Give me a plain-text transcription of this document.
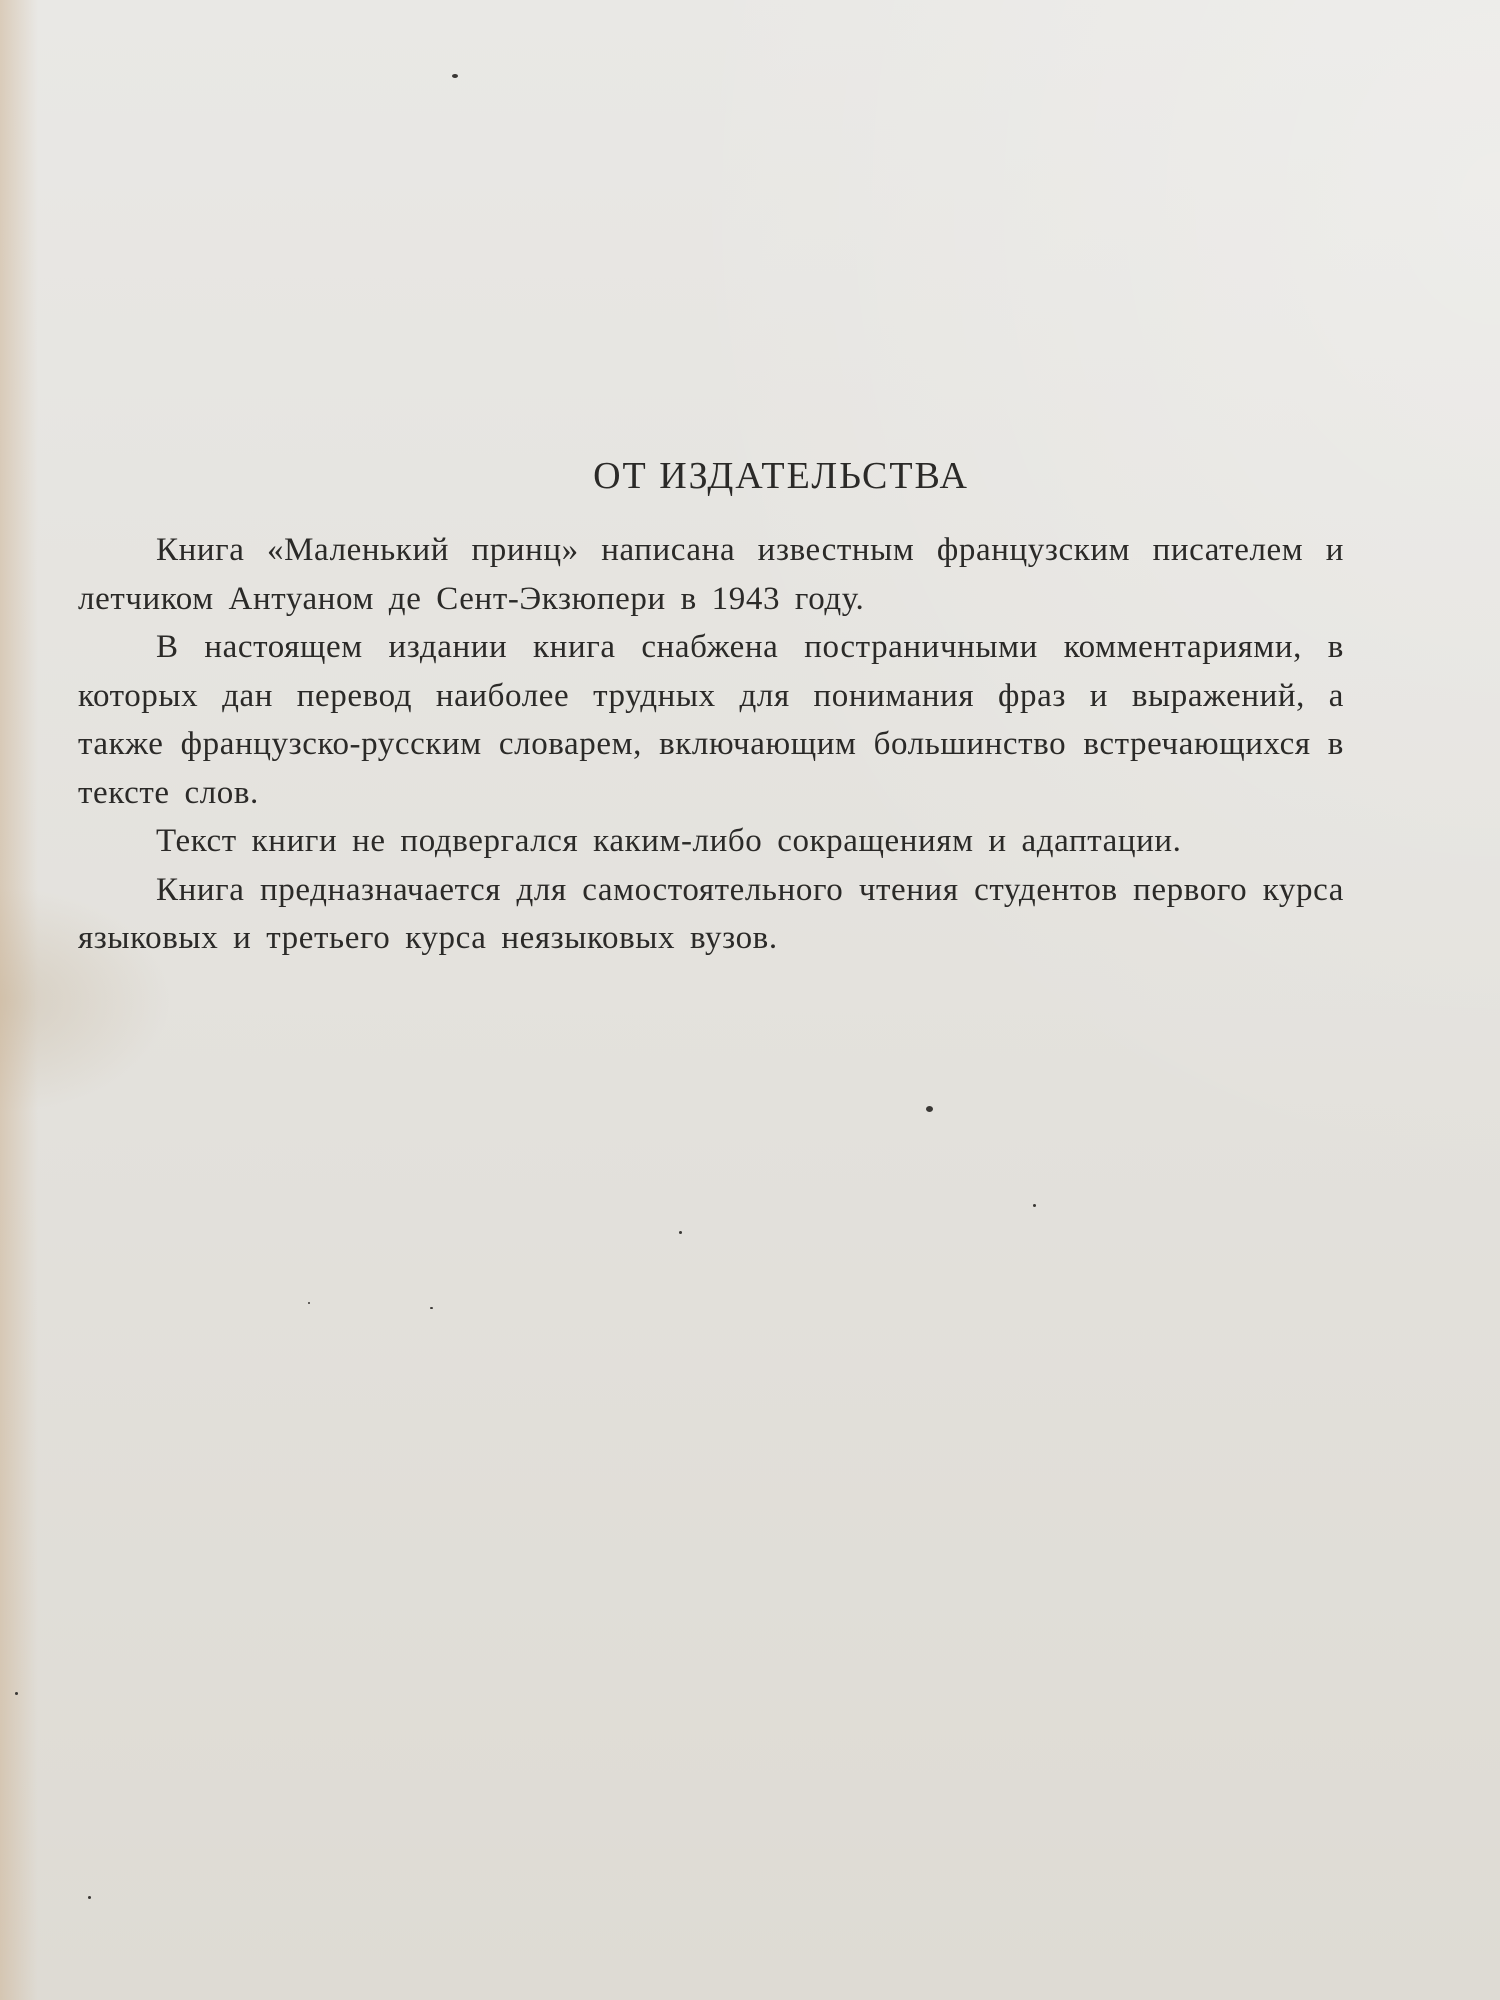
ОТ ИЗДАТЕЛЬСТВА

Книга «Маленький принц» написана известным французским писателем и летчиком Антуаном де Сент-Экзюпери в 1943 году.

В настоящем издании книга снабжена постраничными комментариями, в которых дан перевод наиболее трудных для понимания фраз и выражений, а также французско-русским словарем, включающим большинство встречающихся в тексте слов.

Текст книги не подвергался каким-либо сокращениям и адаптации.

Книга предназначается для самостоятельного чтения студентов первого курса языковых и третьего курса неязыковых вузов.
